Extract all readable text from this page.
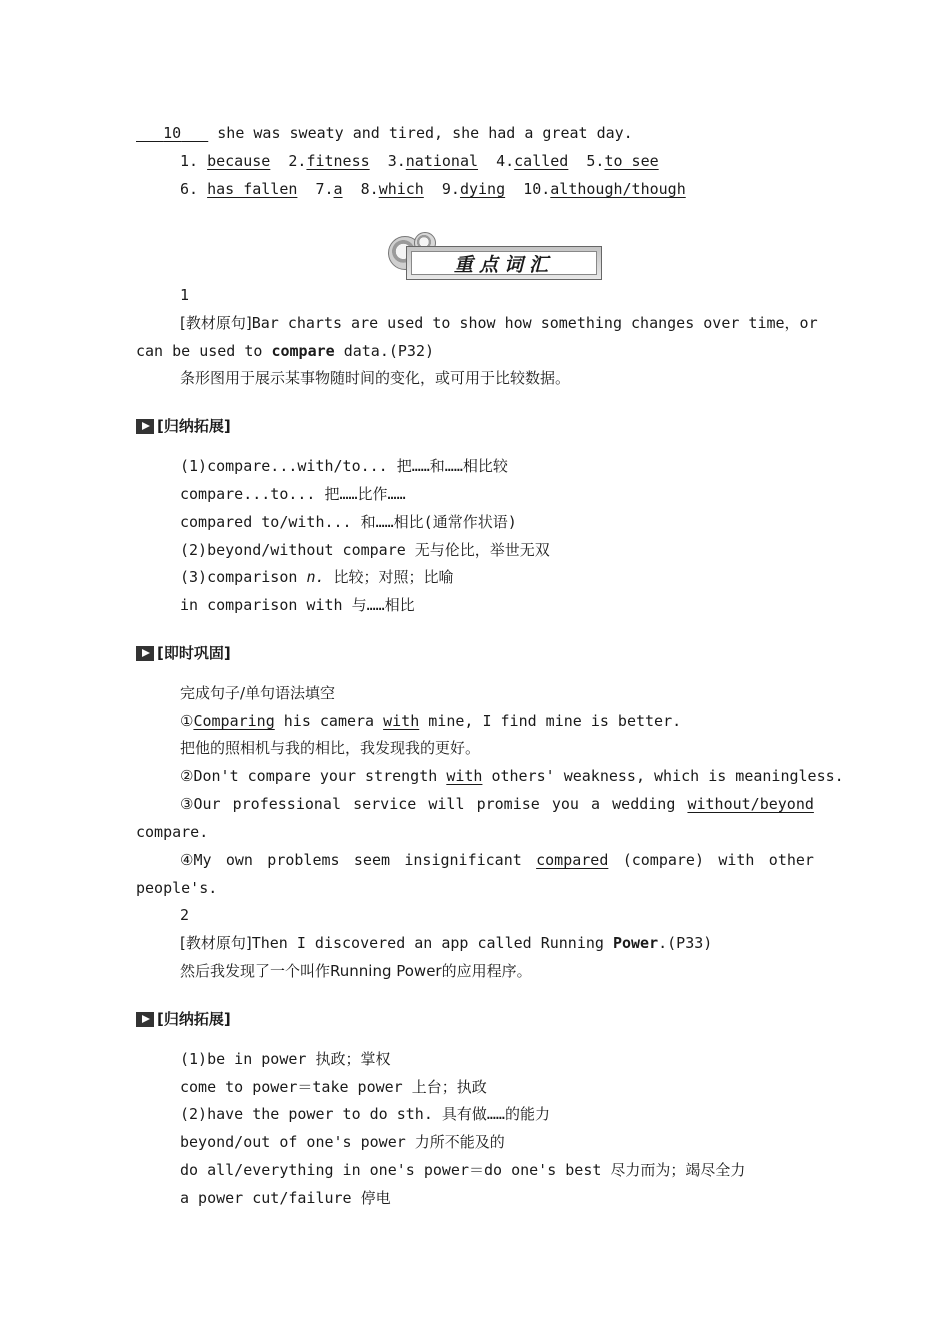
10    she was sweaty and tired, she had a great day.
1. because 2.fitness 3.national 4.called 5.to see
6. has fallen 7.a 8.which 9.dying 10.although/though
重点词汇
1
[教材原句]Bar charts are used to show how something changes over time，or
can be used to compare data.(P32)
条形图用于展示某事物随时间的变化，或可用于比较数据。
[归纳拓展]
(1)compare...with/to... 把……和……相比较
compare...to... 把……比作……
compared to/with... 和……相比(通常作状语)
(2)beyond/without compare 无与伦比，举世无双
(3)comparison n. 比较；对照；比喻
in comparison with 与……相比
[即时巩固]
完成句子/单句语法填空
①Comparing his camera with mine, I find mine is better.
把他的照相机与我的相比，我发现我的更好。
②Don't compare your strength with others' weakness, which is meaningless.
③Our professional service will promise you a wedding without/beyond
compare.
④My own problems seem insignificant compared (compare) with other
people's.
2
[教材原句]Then I discovered an app called Running Power.(P33)
然后我发现了一个叫作Running Power的应用程序。
[归纳拓展]
(1)be in power 执政；掌权
come to power＝take power 上台；执政
(2)have the power to do sth. 具有做……的能力
beyond/out of one's power 力所不能及的
do all/everything in one's power＝do one's best 尽力而为；竭尽全力
a power cut/failure 停电
